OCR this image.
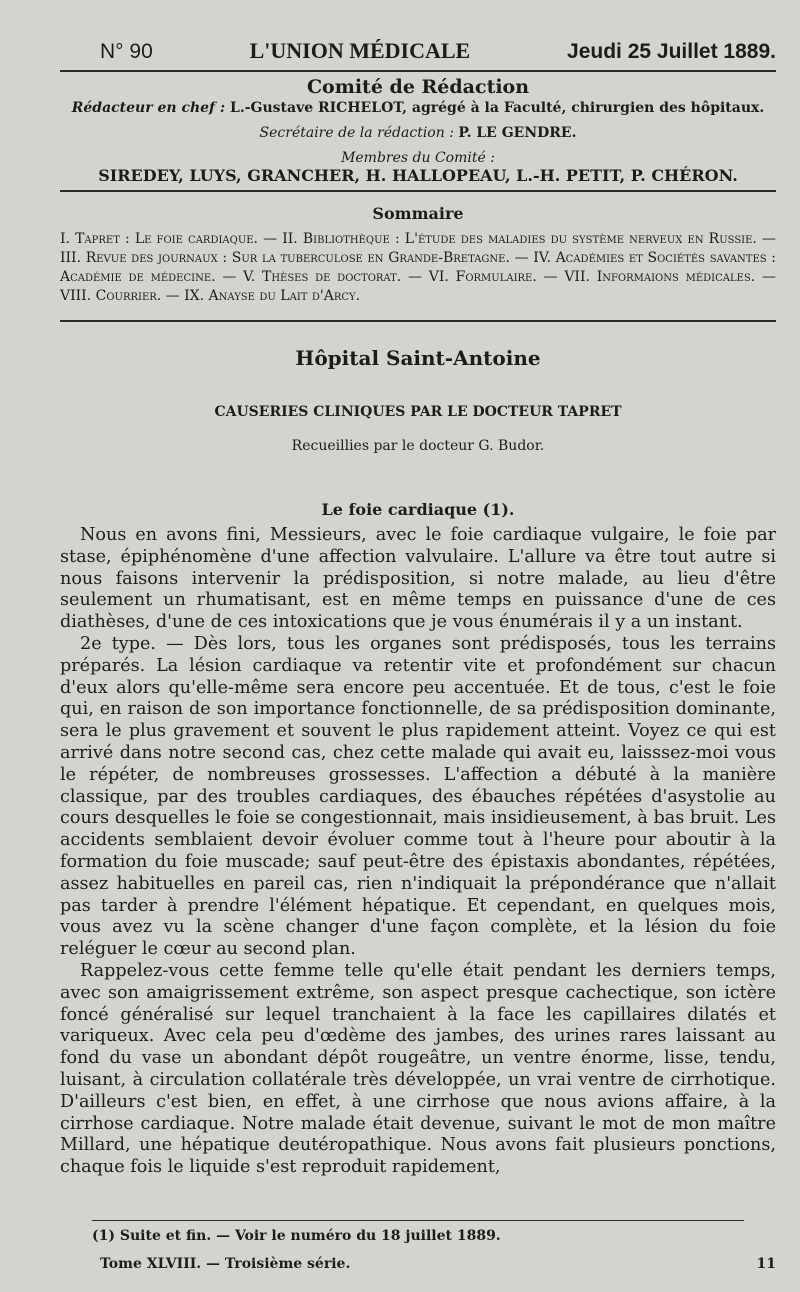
N° 90	L'UNION MÉDICALE	Jeudi 25 Juillet 1889.
Comité de Rédaction
Rédacteur en chef : L.-Gustave RICHELOT, agrégé à la Faculté, chirurgien des hôpitaux.
Secrétaire de la rédaction : P. LE GENDRE.
Membres du Comité :
SIREDEY, LUYS, GRANCHER, H. HALLOPEAU, L.-H. PETIT, P. CHÉRON.
Sommaire
I. Tapret : Le foie cardiaque. — II. Bibliothèque : L'étude des maladies du système nerveux en Russie. — III. Revue des journaux : Sur la tuberculose en Grande-Bretagne. — IV. Académies et Sociétés savantes : Académie de médecine. — V. Thèses de doctorat. — VI. Formulaire. — VII. Informaions médicales. — VIII. Courrier. — IX. Anayse du Lait d'Arcy.
Hôpital Saint-Antoine
CAUSERIES CLINIQUES PAR LE DOCTEUR TAPRET
Recueillies par le docteur G. Budor.
Le foie cardiaque (1).

Nous en avons fini, Messieurs, avec le foie cardiaque vulgaire, le foie par stase, épiphénomène d'une affection valvulaire. L'allure va être tout autre si nous faisons intervenir la prédisposition, si notre malade, au lieu d'être seulement un rhumatisant, est en même temps en puissance d'une de ces diathèses, d'une de ces intoxications que je vous énumérais il y a un instant.

2e type. — Dès lors, tous les organes sont prédisposés, tous les terrains préparés. La lésion cardiaque va retentir vite et profondément sur chacun d'eux alors qu'elle-même sera encore peu accentuée. Et de tous, c'est le foie qui, en raison de son importance fonctionnelle, de sa prédisposition dominante, sera le plus gravement et souvent le plus rapidement atteint. Voyez ce qui est arrivé dans notre second cas, chez cette malade qui avait eu, laisssez-moi vous le répéter, de nombreuses grossesses. L'affection a débuté à la manière classique, par des troubles cardiaques, des ébauches répétées d'asystolie au cours desquelles le foie se congestionnait, mais insidieusement, à bas bruit. Les accidents semblaient devoir évoluer comme tout à l'heure pour aboutir à la formation du foie muscade; sauf peut-être des épistaxis abondantes, répétées, assez habituelles en pareil cas, rien n'indiquait la prépondérance que n'allait pas tarder à prendre l'élément hépatique. Et cependant, en quelques mois, vous avez vu la scène changer d'une façon complète, et la lésion du foie reléguer le cœur au second plan.

Rappelez-vous cette femme telle qu'elle était pendant les derniers temps, avec son amaigrissement extrême, son aspect presque cachectique, son ictère foncé généralisé sur lequel tranchaient à la face les capillaires dilatés et variqueux. Avec cela peu d'œdème des jambes, des urines rares laissant au fond du vase un abondant dépôt rougeâtre, un ventre énorme, lisse, tendu, luisant, à circulation collatérale très développée, un vrai ventre de cirrhotique. D'ailleurs c'est bien, en effet, à une cirrhose que nous avions affaire, à la cirrhose cardiaque. Notre malade était devenue, suivant le mot de mon maître Millard, une hépatique deutéropathique. Nous avons fait plusieurs ponctions, chaque fois le liquide s'est reproduit rapidement,

(1) Suite et fin. — Voir le numéro du 18 juillet 1889.
Tome XLVIII. — Troisième série.	11
